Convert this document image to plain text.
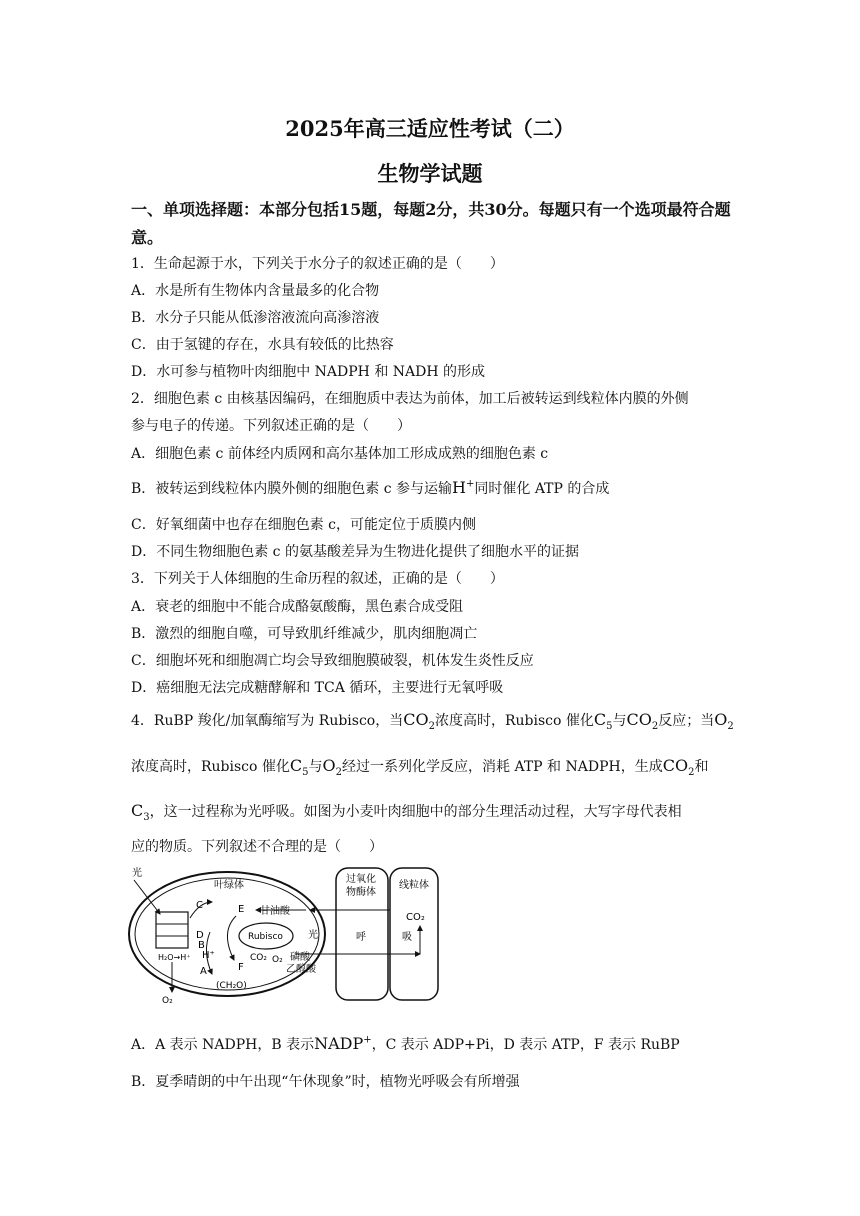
2025年高三适应性考试（二）
生物学试题
一、单项选择题：本部分包括15题，每题2分，共30分。每题只有一个选项最符合题意。
1．生命起源于水，下列关于水分子的叙述正确的是（　　）
A．水是所有生物体内含量最多的化合物
B．水分子只能从低渗溶液流向高渗溶液
C．由于氢键的存在，水具有较低的比热容
D．水可参与植物叶肉细胞中 NADPH 和 NADH 的形成
2．细胞色素 c 由核基因编码，在细胞质中表达为前体，加工后被转运到线粒体内膜的外侧
参与电子的传递。下列叙述正确的是（　　）
A．细胞色素 c 前体经内质网和高尔基体加工形成成熟的细胞色素 c
B．被转运到线粒体内膜外侧的细胞色素 c 参与运输H+同时催化 ATP 的合成
C．好氧细菌中也存在细胞色素 c，可能定位于质膜内侧
D．不同生物细胞色素 c 的氨基酸差异为生物进化提供了细胞水平的证据
3．下列关于人体细胞的生命历程的叙述，正确的是（　　）
A．衰老的细胞中不能合成酪氨酸酶，黑色素合成受阻
B．激烈的细胞自噬，可导致肌纤维减少，肌肉细胞凋亡
C．细胞坏死和细胞凋亡均会导致细胞膜破裂，机体发生炎性反应
D．癌细胞无法完成糖酵解和 TCA 循环，主要进行无氧呼吸
4．RuBP 羧化/加氧酶缩写为 Rubisco，当$CO_2$浓度高时，Rubisco 催化$C_5$与$CO_2$反应；当$O_2$
浓度高时，Rubisco 催化$C_5$与$O_2$经过一系列化学反应，消耗 ATP 和 NADPH，生成$CO_2$和
$C_3$，这一过程称为光呼吸。如图为小麦叶肉细胞中的部分生理活动过程，大写字母代表相
应的物质。下列叙述不合理的是（　　）
光
Rubisco
过氧化
物酶体
呼
线粒体
CO₂
吸
叶绿体
E 甘油酸
C
D
B
H⁺
A	F
CO₂ O₂
光
磷酸
乙醇酸
(CH₂O)
H₂O→H⁺
O₂
A．A 表示 NADPH，B 表示NADP+，C 表示 ADP+Pi，D 表示 ATP，F 表示 RuBP
B．夏季晴朗的中午出现“午休现象”时，植物光呼吸会有所增强
